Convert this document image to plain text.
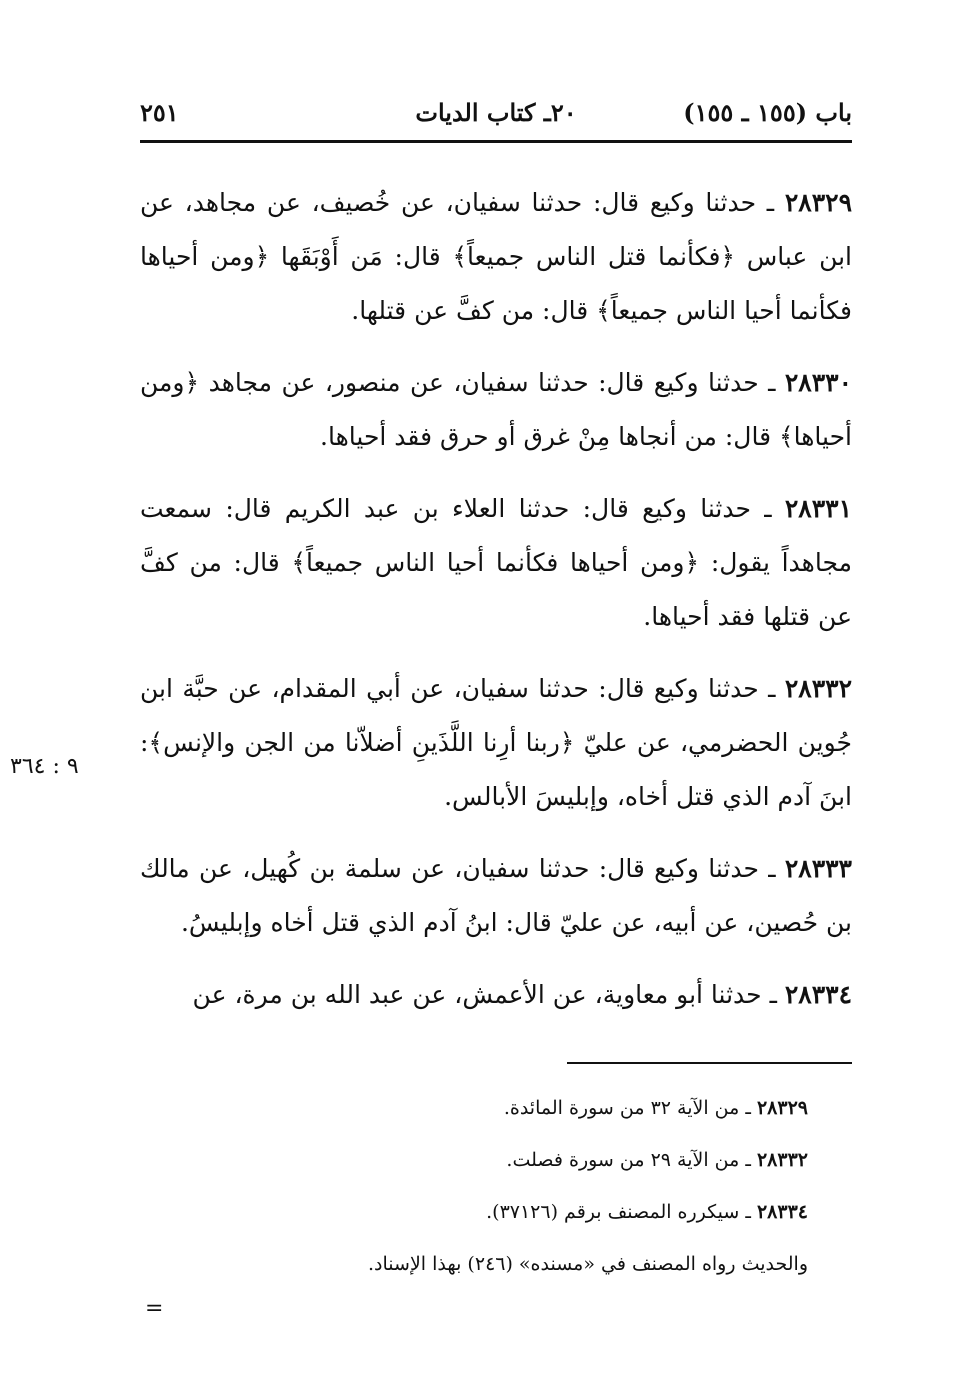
باب (١٥٥ ـ ١٥٥)
٢٠ـ كتاب الديات
٢٥١

٢٨٣٢٩ ـ حدثنا وكيع قال: حدثنا سفيان، عن خُصيف، عن مجاهد، عن ابن عباس ﴿فكأنما قتل الناس جميعاً﴾ قال: مَن أَوْبَقَها ﴿ومن أحياها فكأنما أحيا الناس جميعاً﴾ قال: من كفَّ عن قتلها.

٢٨٣٣٠ ـ حدثنا وكيع قال: حدثنا سفيان، عن منصور، عن مجاهد ﴿ومن أحياها﴾ قال: من أنجاها مِنْ غرق أو حرق فقد أحياها.

٢٨٣٣١ ـ حدثنا وكيع قال: حدثنا العلاء بن عبد الكريم قال: سمعت مجاهداً يقول: ﴿ومن أحياها فكأنما أحيا الناس جميعاً﴾ قال: من كفَّ عن قتلها فقد أحياها.

٢٨٣٣٢ ـ حدثنا وكيع قال: حدثنا سفيان، عن أبي المقدام، عن حبَّة ابن جُوين الحضرمي، عن عليّ ﴿ربنا أرِنا اللَّذَينِ أضلاّنا من الجن والإنس﴾: ابنَ آدم الذي قتل أخاه، وإبليسَ الأبالس.

٢٨٣٣٣ ـ حدثنا وكيع قال: حدثنا سفيان، عن سلمة بن كُهيل، عن مالك بن حُصين، عن أبيه، عن عليّ قال: ابنُ آدم الذي قتل أخاه وإبليسُ.

٢٨٣٣٤ ـ حدثنا أبو معاوية، عن الأعمش، عن عبد الله بن مرة، عن

٩ : ٣٦٤

٢٨٣٢٩ ـ من الآية ٣٢ من سورة المائدة.

٢٨٣٣٢ ـ من الآية ٢٩ من سورة فصلت.

٢٨٣٣٤ ـ سيكرره المصنف برقم (٣٧١٢٦).

والحديث رواه المصنف في «مسنده» (٢٤٦) بهذا الإسناد.

=
